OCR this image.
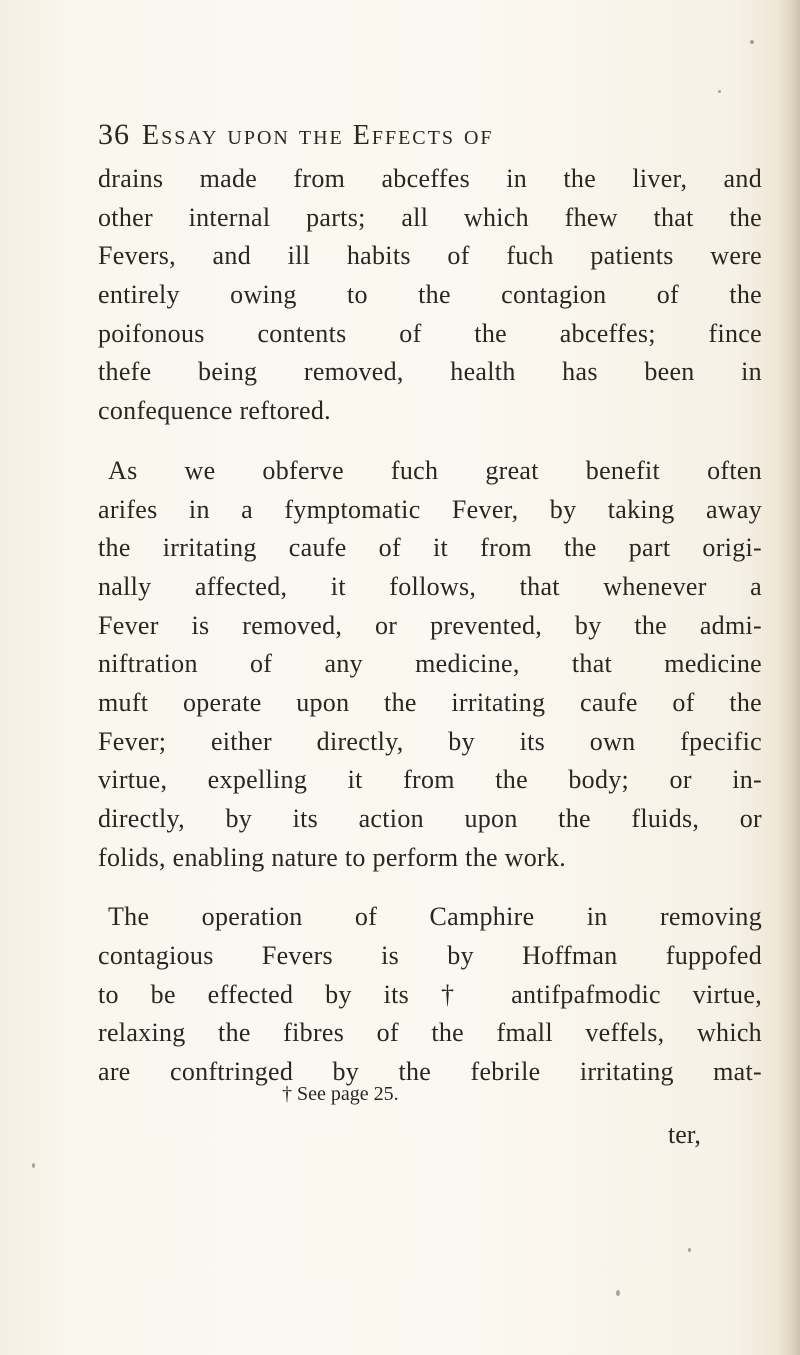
36 Essay upon the Effects of
drains made from abceffes in the liver, and
other internal parts; all which fhew that the
Fevers, and ill habits of fuch patients were
entirely owing to the contagion of the
poifonous contents of the abceffes; fince
thefe being removed, health has been in
confequence reftored.
As we obferve fuch great benefit often
arifes in a fymptomatic Fever, by taking away
the irritating caufe of it from the part origi-
nally affected, it follows, that whenever a
Fever is removed, or prevented, by the admi-
niftration of any medicine, that medicine
muft operate upon the irritating caufe of the
Fever; either directly, by its own fpecific
virtue, expelling it from the body; or in-
directly, by its action upon the fluids, or
folids, enabling nature to perform the work.
The operation of Camphire in removing
contagious Fevers is by Hoffman fuppofed
to be effected by its † antifpafmodic virtue,
relaxing the fibres of the fmall veffels, which
are conftringed by the febrile irritating mat-
† See page 25.
ter,
